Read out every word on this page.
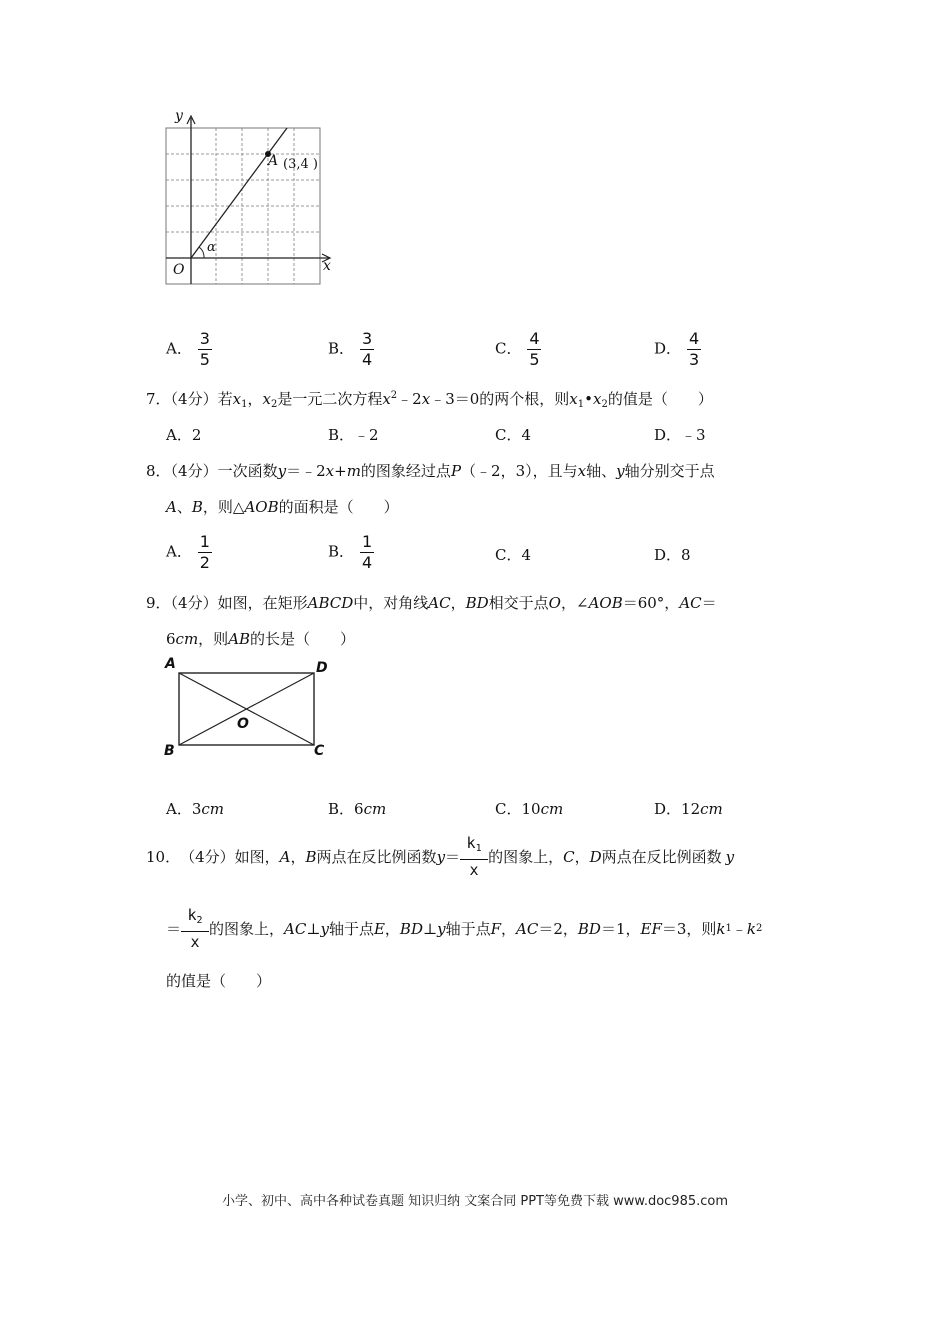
y
x
O
A (3,4 )
α
A． $\frac{3}{5}$	B． $\frac{3}{4}$	C． $\frac{4}{5}$	D． $\frac{4}{3}$
7．（4分）若$x_1$，$x_2$是一元二次方程$x^2﹣2x﹣3=0$的两个根，则$x_1•x_2$的值是（　　）
A．2	B．﹣2	C．4	D．﹣3
8．（4分）一次函数y＝﹣2x+m的图象经过点P（﹣2，3），且与x轴、y轴分别交于点
A、B，则△AOB的面积是（　　）
A． $\frac{1}{2}$	B． $\frac{1}{4}$	C．4	D．8
9．（4分）如图，在矩形ABCD中，对角线AC，BD相交于点O，∠AOB＝60°，AC＝
6cm，则AB的长是（　　）
A	D
B	C
O
A．3cm	B．6cm	C．10cm	D．12cm
10． （4分） 如图， A ， B 两点在反比例函数 $y = \frac{k_1}{x}$ 的图象上， C ， D 两点在反比例函数 y
＝ $\frac{k_2}{x}$ 的图象上， AC ⊥ y 轴于点 E ， BD ⊥ y 轴于点 F ， AC ＝2， BD ＝1， EF ＝3，则 k 1 ﹣ k 2
的值是（　　）
小学、初中、高中各种试卷真题 知识归纳 文案合同 PPT等免费下载 www.doc985.com
